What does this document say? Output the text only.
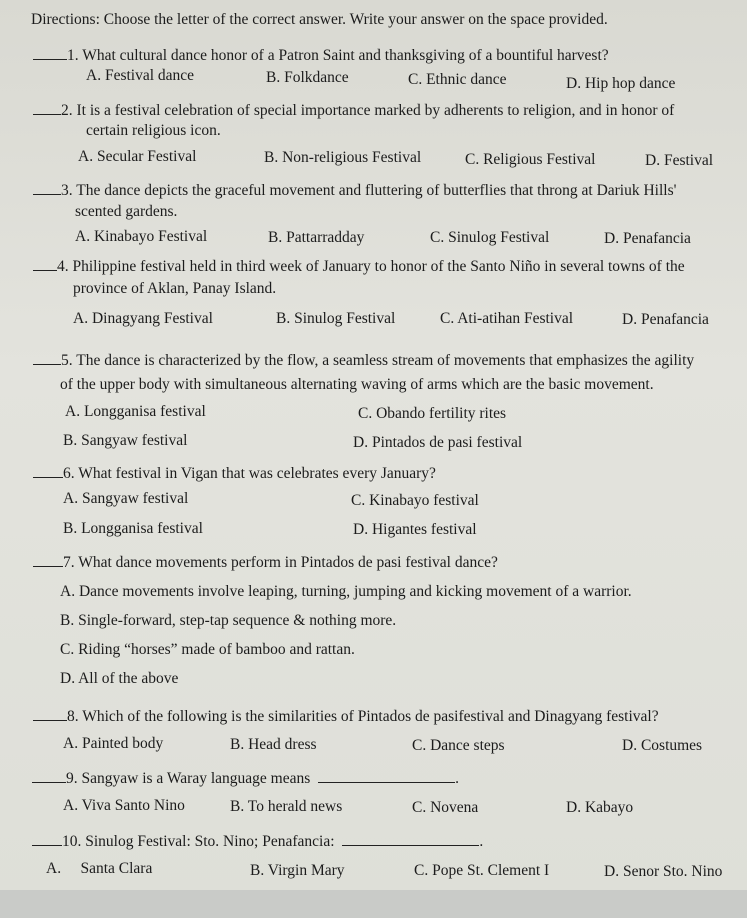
Directions: Choose the letter of the correct answer. Write your answer on the space provided.
1. What cultural dance honor of a Patron Saint and thanksgiving of a bountiful harvest?
A. Festival dance	B. Folkdance	C. Ethnic dance	D. Hip hop dance
2. It is a festival celebration of special importance marked by adherents to religion, and in honor of
certain religious icon.
A. Secular Festival	B. Non-religious Festival	C. Religious Festival	D. Festival
3. The dance depicts the graceful movement and fluttering of butterflies that throng at Dariuk Hills'
scented gardens.
A. Kinabayo Festival	B. Pattarradday	C. Sinulog Festival	D. Penafancia
4. Philippine festival held in third week of January to honor of the Santo Niño in several towns of the
province of Aklan, Panay Island.
A. Dinagyang Festival	B. Sinulog Festival	C. Ati-atihan Festival	D. Penafancia
5. The dance is characterized by the flow, a seamless stream of movements that emphasizes the agility
of the upper body with simultaneous alternating waving of arms which are the basic movement.
A. Longganisa festival	C. Obando fertility rites
B. Sangyaw festival	D. Pintados de pasi festival
6. What festival in Vigan that was celebrates every January?
A. Sangyaw festival	C. Kinabayo festival
B. Longganisa festival	D. Higantes festival
7. What dance movements perform in Pintados de pasi festival dance?
A. Dance movements involve leaping, turning, jumping and kicking movement of a warrior.
B. Single-forward, step-tap sequence & nothing more.
C. Riding “horses” made of bamboo and rattan.
D. All of the above
8. Which of the following is the similarities of Pintados de pasifestival and Dinagyang festival?
A. Painted body	B. Head dress	C. Dance steps	D. Costumes
9. Sangyaw is a Waray language means	.
A. Viva Santo Nino	B. To herald news	C. Novena	D. Kabayo
10. Sinulog Festival: Sto. Nino; Penafancia:	.
A.     Santa Clara	B. Virgin Mary	C. Pope St. Clement I	D. Senor Sto. Nino
